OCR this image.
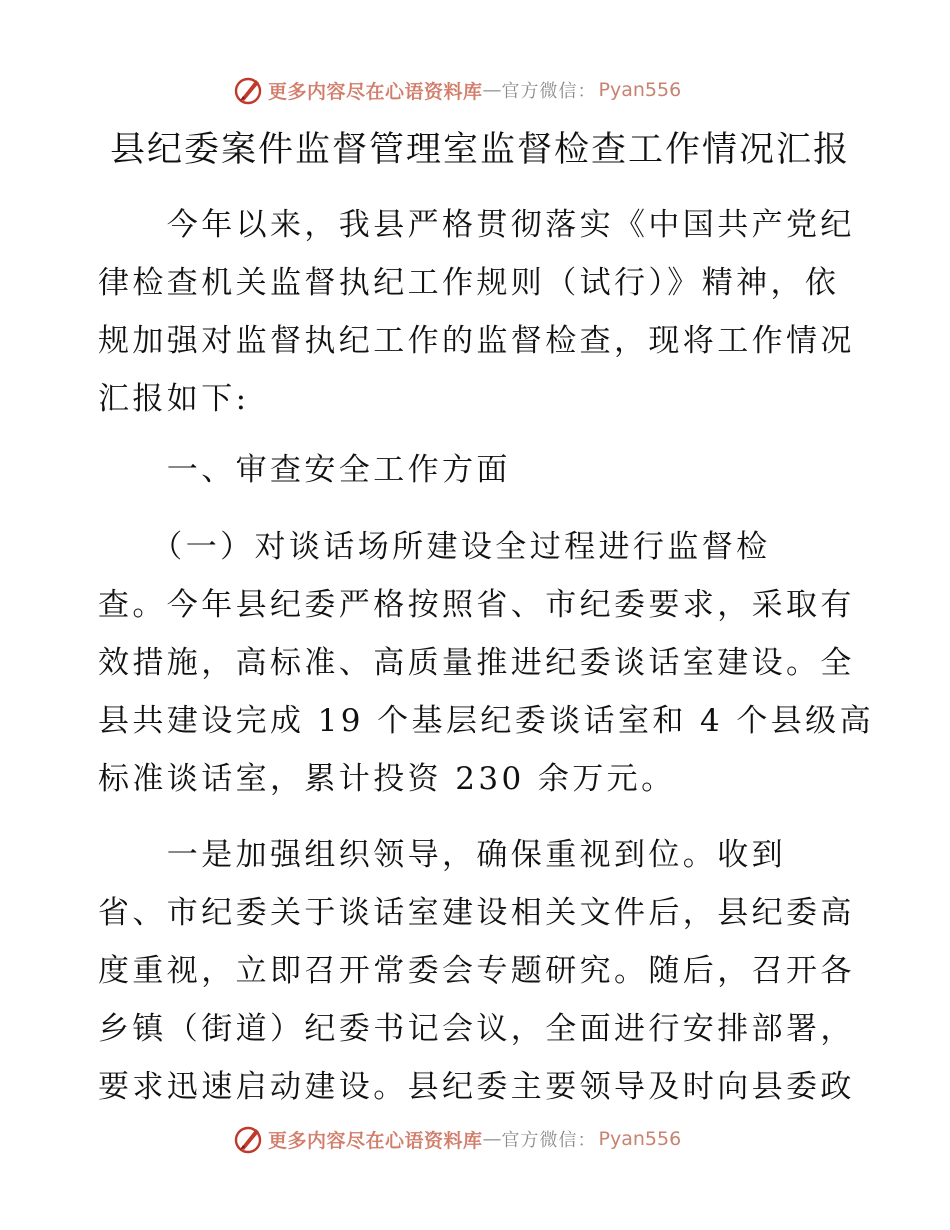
更多内容尽在心语资料库 — 官方微信： Pyan556
县纪委案件监督管理室监督检查工作情况汇报

　　今年以来，我县严格贯彻落实《中国共产党纪

律检查机关监督执纪工作规则（试行）》精神，依

规加强对监督执纪工作的监督检查，现将工作情况

汇报如下:

　　一、审查安全工作方面

　　（一）对谈话场所建设全过程进行监督检

查。今年县纪委严格按照省、市纪委要求，采取有

效措施，高标准、高质量推进纪委谈话室建设。全

县共建设完成 19 个基层纪委谈话室和 4 个县级高

标准谈话室，累计投资 230 余万元。

　　一是加强组织领导，确保重视到位。收到

省、市纪委关于谈话室建设相关文件后，县纪委高

度重视，立即召开常委会专题研究。随后，召开各

乡镇（街道）纪委书记会议，全面进行安排部署，

要求迅速启动建设。县纪委主要领导及时向县委政

更多内容尽在心语资料库 — 官方微信： Pyan556
